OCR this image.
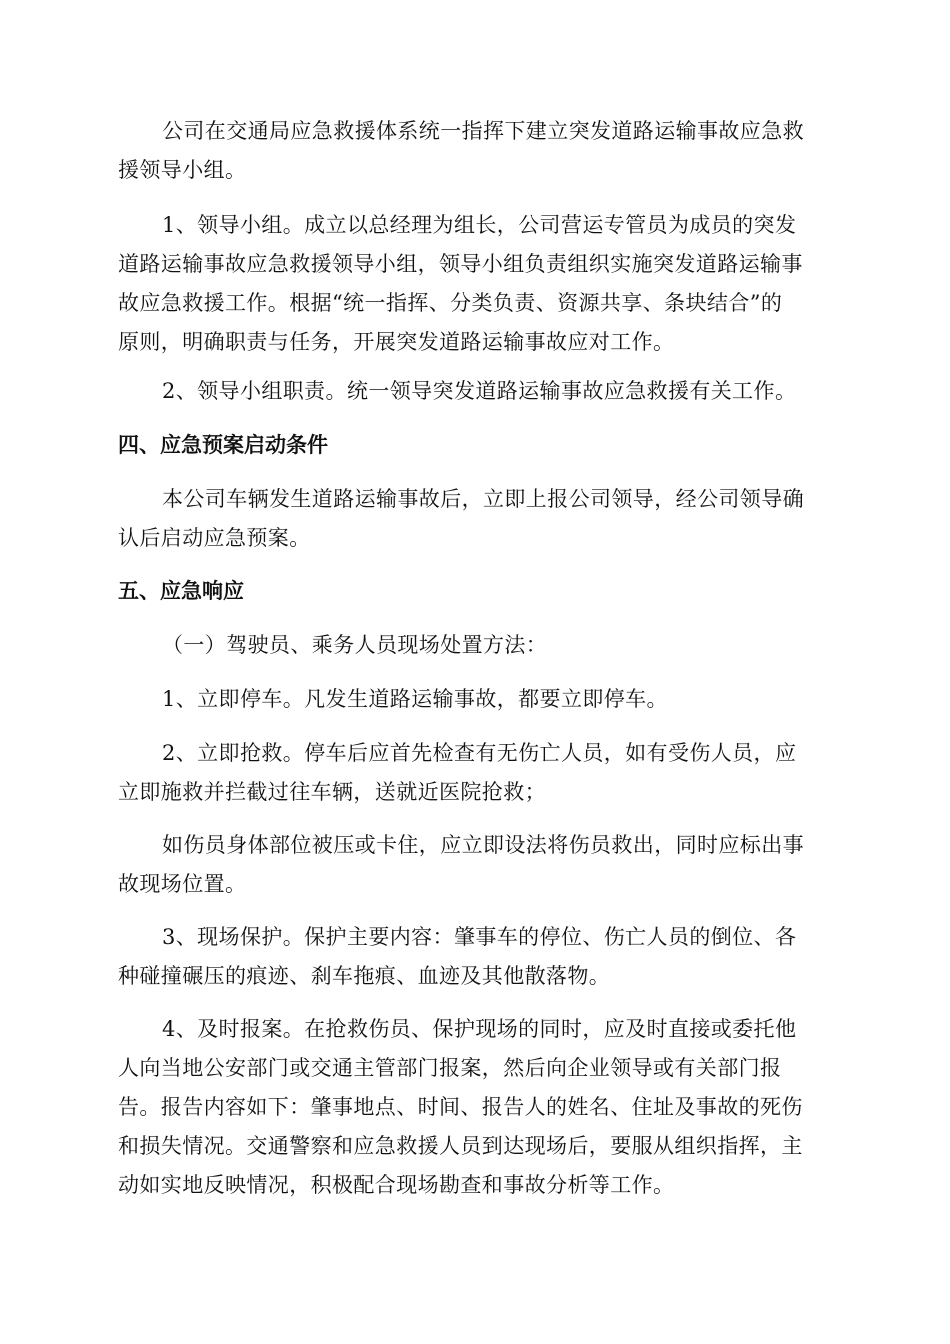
公司在交通局应急救援体系统一指挥下建立突发道路运输事故应急救
援领导小组。

1、领导小组。成立以总经理为组长，公司营运专管员为成员的突发
道路运输事故应急救援领导小组，领导小组负责组织实施突发道路运输事
故应急救援工作。根据“统一指挥、分类负责、资源共享、条块结合”的
原则，明确职责与任务，开展突发道路运输事故应对工作。

2、领导小组职责。统一领导突发道路运输事故应急救援有关工作。

四、应急预案启动条件

本公司车辆发生道路运输事故后，立即上报公司领导，经公司领导确
认后启动应急预案。

五、应急响应

（一）驾驶员、乘务人员现场处置方法：

1、立即停车。凡发生道路运输事故，都要立即停车。

2、立即抢救。停车后应首先检查有无伤亡人员，如有受伤人员，应
立即施救并拦截过往车辆，送就近医院抢救；

如伤员身体部位被压或卡住，应立即设法将伤员救出，同时应标出事
故现场位置。

3、现场保护。保护主要内容：肇事车的停位、伤亡人员的倒位、各
种碰撞碾压的痕迹、刹车拖痕、血迹及其他散落物。

4、及时报案。在抢救伤员、保护现场的同时，应及时直接或委托他
人向当地公安部门或交通主管部门报案，然后向企业领导或有关部门报
告。报告内容如下：肇事地点、时间、报告人的姓名、住址及事故的死伤
和损失情况。交通警察和应急救援人员到达现场后，要服从组织指挥，主
动如实地反映情况，积极配合现场勘查和事故分析等工作。
